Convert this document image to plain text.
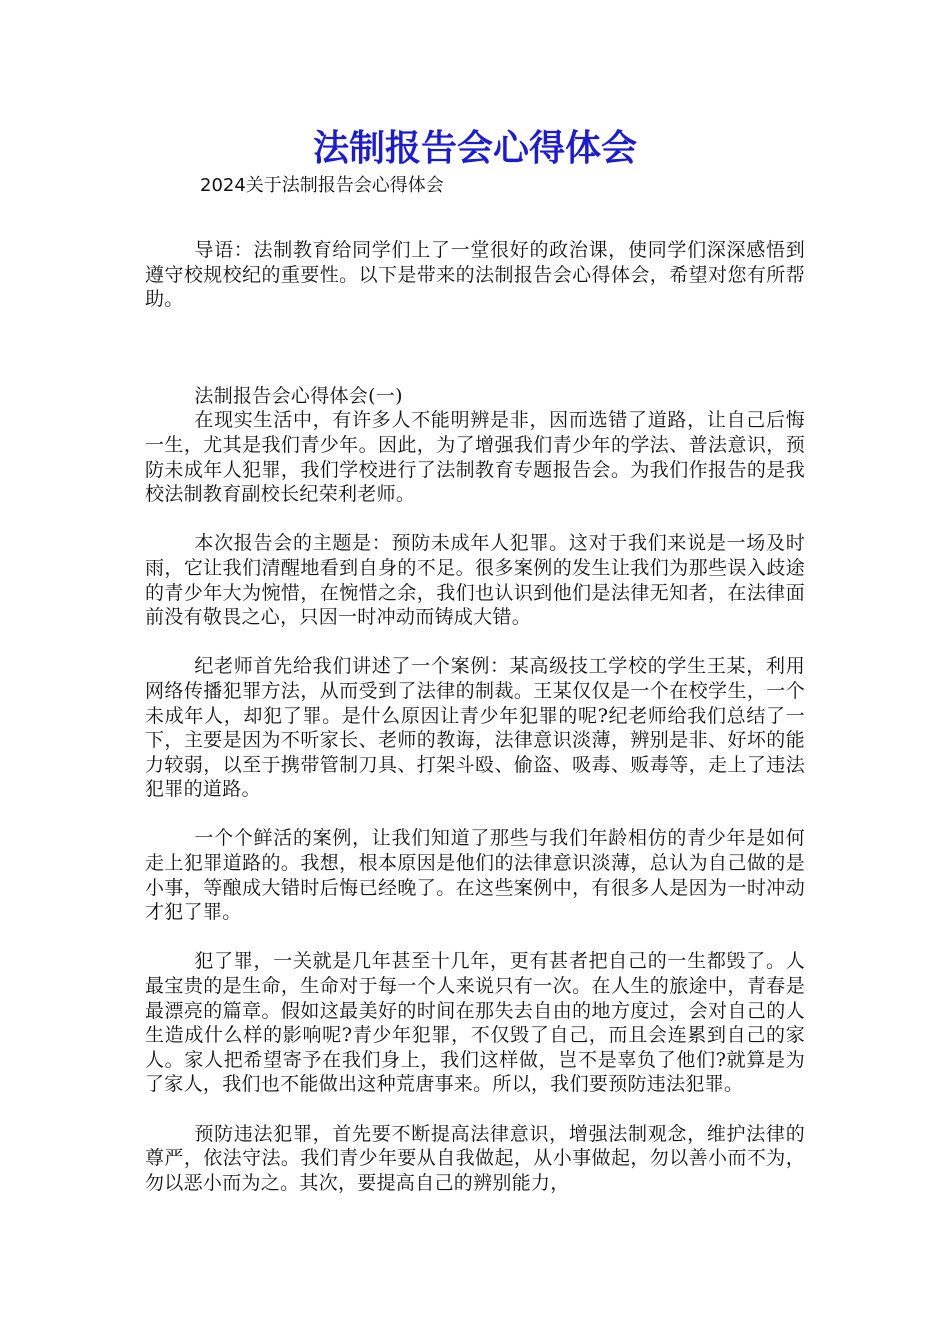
法制报告会心得体会
2024关于法制报告会心得体会

导语：法制教育给同学们上了一堂很好的政治课，使同学们深深感悟到遵守校规校纪的重要性。以下是带来的法制报告会心得体会，希望对您有所帮助。

法制报告会心得体会(一)

在现实生活中，有许多人不能明辨是非，因而选错了道路，让自己后悔一生，尤其是我们青少年。因此，为了增强我们青少年的学法、普法意识，预防未成年人犯罪，我们学校进行了法制教育专题报告会。为我们作报告的是我校法制教育副校长纪荣利老师。

本次报告会的主题是：预防未成年人犯罪。这对于我们来说是一场及时雨，它让我们清醒地看到自身的不足。很多案例的发生让我们为那些误入歧途的青少年大为惋惜，在惋惜之余，我们也认识到他们是法律无知者，在法律面前没有敬畏之心，只因一时冲动而铸成大错。

纪老师首先给我们讲述了一个案例：某高级技工学校的学生王某，利用网络传播犯罪方法，从而受到了法律的制裁。王某仅仅是一个在校学生，一个未成年人，却犯了罪。是什么原因让青少年犯罪的呢?纪老师给我们总结了一下，主要是因为不听家长、老师的教诲，法律意识淡薄，辨别是非、好坏的能力较弱，以至于携带管制刀具、打架斗殴、偷盗、吸毒、贩毒等，走上了违法犯罪的道路。

一个个鲜活的案例，让我们知道了那些与我们年龄相仿的青少年是如何走上犯罪道路的。我想，根本原因是他们的法律意识淡薄，总认为自己做的是小事，等酿成大错时后悔已经晚了。在这些案例中，有很多人是因为一时冲动才犯了罪。

犯了罪，一关就是几年甚至十几年，更有甚者把自己的一生都毁了。人最宝贵的是生命，生命对于每一个人来说只有一次。在人生的旅途中，青春是最漂亮的篇章。假如这最美好的时间在那失去自由的地方度过，会对自己的人生造成什么样的影响呢?青少年犯罪，不仅毁了自己，而且会连累到自己的家人。家人把希望寄予在我们身上，我们这样做，岂不是辜负了他们?就算是为了家人，我们也不能做出这种荒唐事来。所以，我们要预防违法犯罪。

预防违法犯罪，首先要不断提高法律意识，增强法制观念，维护法律的尊严，依法守法。我们青少年要从自我做起，从小事做起，勿以善小而不为，勿以恶小而为之。其次，要提高自己的辨别能力，
